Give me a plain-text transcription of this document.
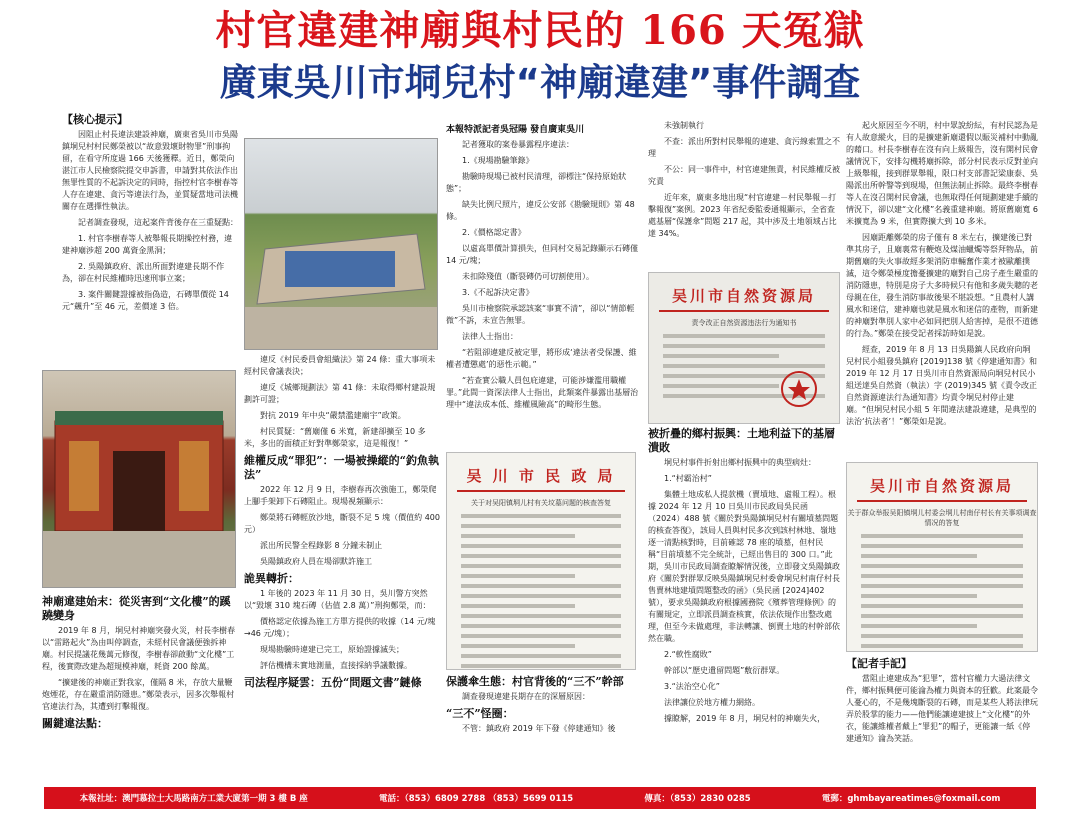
村官違建神廟與村民的 166 天冤獄
廣東吳川市垌兒村“神廟違建”事件調查
【核心提示】

因阻止村長違法建設神廟，廣東省吳川市吳陽鎮垌兒村村民鄭榮被以“故意毀壞財物罪”刑事拘留，在看守所度過 166 天後獲釋。近日，鄭榮向湛江市人民檢察院提交申訴書，申請對其依法作出無罪性質的不起訴決定的同時，指控村官李樹春等人存在違建、貪污等違法行為，並質疑當地司法機關存在選擇性執法。

記者調查發現，這起案件背後存在三重疑點：

1. 村官李樹春等人被舉報長期操控村務，違建神廟涉超 200 萬資金黑洞；

2. 吳陽鎮政府、派出所面對違建長期不作為，卻在村民維權時迅速刑事立案；

3. 案件關鍵證據被指偽造，石磚單價從 14 元“飆升”至 46 元，差價達 3 倍。

神廟違建始末：從災害到“文化樓”的蹊蹺變身

2019 年 8 月，垌兒村神廟突發火災，村長李樹春以“雷路起火”為由叫停調查，未經村民會議便強拆神廟。村民提議花幾萬元修復，李樹春卻啟動“文化樓”工程，後實際改建為超規模神廟，耗資 200 餘萬。

“擴建後的神廟正對我家，僅隔 8 米，存放大量鞭炮煙花，存在嚴重消防隱患。”鄭榮表示，因多次舉報村官違法行為，其遭到打擊報復。

關鍵違法點：

違反《村民委員會組織法》第 24 條：重大事項未經村民會議表決；

違反《城鄉規劃法》第 41 條：未取得鄉村建設規劃許可證；

對抗 2019 年中央“嚴禁濫建廟宇”政策。

村民質疑：“舊廟僅 6 米寬，新建卻擴至 10 多米，多出的面積正好對準鄭榮家，這是報復！”

維權反成“罪犯”：一場被操縱的“釣魚執法”

2022 年 12 月 9 日，李樹春再次強施工，鄭榮爬上腳手架卸下石磚阻止。現場視頻顯示：

鄭榮將石磚輕放沙地，斷裂不足 5 塊（價值約 400 元）

派出所民警全程錄影 8 分鐘未制止

吳陽鎮政府人員在場卻默許施工

詭異轉折：

1 年後的 2023 年 11 月 30 日，吳川警方突然以“毀壞 310 塊石磚（估值 2.8 萬）”刑拘鄭榮，而：

價格認定依據為施工方單方提供的收據（14 元/塊→46 元/塊）；

現場勘驗時違建已完工，原始證據滅失；

評估機構未實地測量，直接採納爭議數據。

司法程序疑雲：五份“問題文書”鏈條
本報特派記者吳冠陽 發自廣東吳川

記者獲取的案卷暴露程序違法：

1.《現場勘驗筆錄》

勘驗時現場已被村民清理，卻標注“保持原始狀態”；

缺失比例尺照片，違反公安部《勘驗規則》第 48 條。

2.《價格認定書》

以虛高單價計算損失，但同村交易記錄顯示石磚僅 14 元/塊；

未扣除殘值（斷裂磚仍可切割使用）。

3.《不起訴決定書》

吳川市檢察院承認該案“事實不清”，卻以“情節輕微”不訴，未宣告無罪。

法律人士指出：

“若阻卻違建反被定罪，將形成‘違法者受保護、維權者遭懲處’的惡性示範。”

“若查實公職人員包庇違建，可能涉嫌濫用職權罪。”此間一資深法律人士指出，此類案件暴露出基層治理中“違法成本低、維權風險高”的畸形生態。

吴 川 市 民 政 局
关于对吴阳镇垌儿村有关坟墓问题的核查答复
保護傘生態：村官背後的“三不”幹部

調查發現違建長期存在的深層原因：

“三不”怪圈：

不管：鎮政府 2019 年下發《停建通知》後

未強制執行

不查：派出所對村民舉報的違建、貪污線索置之不理

不公：同一事件中，村官違建無責，村民維權反被究責

近年來，廣東多地出現“村官違建－村民舉報－打擊報復”案例。2023 年省紀委監委通報顯示，全省查處基層“保護傘”問題 217 起，其中涉及土地領域占比達 34%。

吴川市自然资源局
责令改正自然资源违法行为通知书
被折疊的鄉村振興：土地利益下的基層潰敗

垌兒村事件折射出鄉村振興中的典型病灶：

1.“村霸治村”

集體土地成私人提款機（賣墳地、虛報工程）。根據 2024 年 12 月 10 日吳川市民政局吳民函（2024）488 號《關於對吳陽鎮垌兒村有關墳墓問題的核查答復》，該局人員與村民多次到該村林地、嶺地逐一清點核對時，目前確認 78 座的墳墓，但村民稱“目前墳墓不完全統計，已經出售目的 300 口。”此期，吳川市民政局調查瞭解情況後，立即發文吳陽鎮政府《關於對群眾反映吳陽鎮垌兒村委會垌兒村南仔村長售賣林地建墳問題整改的函》（吳民函 [2024]402 號），要求吳陽鎮政府根據國務院《殯葬管理條例》的有關規定，立即派員調查核實，依法依規作出整改處理，但至今未做處理，非法轉讓、倒賣土地的村幹部依然在職。

2.“軟性腐敗”

幹部以“歷史遺留問題”敷衍群眾。

3.“法治空心化”

法律讓位於地方權力網絡。

據瞭解，2019 年 8 月，垌兒村的神廟失火，

起火原因至今不明，村中眾說紛紜，有村民認為是有人故意縱火，目的是擴建新廟還假以賑災補村中動亂的藉口。村長李樹春在沒有向上級報告，沒有開村民會議情況下，安排勾機將廟拆除，部分村民表示反對並向上級舉報，接到群眾舉報，限口村支部書記梁康泰、吳陽派出所幹警等到現場，但無法制止拆除。最終李樹春等人在沒召開村民會議，也無取得任何規劃建建手續的情況下，卻以建“文化樓”名義重建神廟。將原舊廟寬 6 米擴寬為 9 米，但實際擴大到 10 多米。

因廟距離鄭榮的房子僅有 8 米左右，擴建後已對準其房子，且廟裏常有鞭炮及煤油蠟燭等祭拜物品，前期舊廟的失火事故經多架消防車輛奮作業才被歐離撲滅，這令鄭榮極度擔憂擴建的廟對自己房子產生嚴重的消防隱患，特別是房子大多時候只有他和多歲失聰的老母親在住，發生消防事故後果不堪設想。“且農村人講風水和迷信，建神廟也就是風水和迷信的產物，而新建的神廟對準別人家中必如同把別人給害掉，是很不道德的行為。”鄭榮在接受記者採訪時如是說。

經查，2019 年 8 月 13 日吳陽鎮人民政府向垌兒村民小組發吳鎮府 [2019]138 號《停建通知書》和 2019 年 12 月 17 日吳川市自然資源局向垌兒村民小組送達吳自然資（執法）字 (2019)345 號《責令改正自然資源違法行為通知書》均責令垌兒村停止建廟。“但垌兒村民小組 5 年間違法建設違建，是典型的法治‘抗法者’！”鄭榮如是說。

吴川市自然资源局
关于群众举报吴阳镇垌儿村委会垌儿村南仔村长有关事项调查情况的答复
【記者手記】

當阻止違建成為“犯罪”，當村官權力大過法律文件，鄉村振興便可能淪為權力與資本的狂歡。此案最令人憂心的，不是幾塊斷裂的石磚，而是某些人將法律玩弄於股掌的能力——他們能讓違建披上“文化樓”的外衣，能讓維權者戴上“罪犯”的帽子，更能讓一紙《停建通知》淪為笑話。

本報社址：澳門慕拉士大馬路南方工業大廈第一期 3 樓 B 座	電話：（853）6809 2788 （853）5699 0115	傳真：（853）2830 0285	電郵：ghmbayareatimes@foxmail.com
